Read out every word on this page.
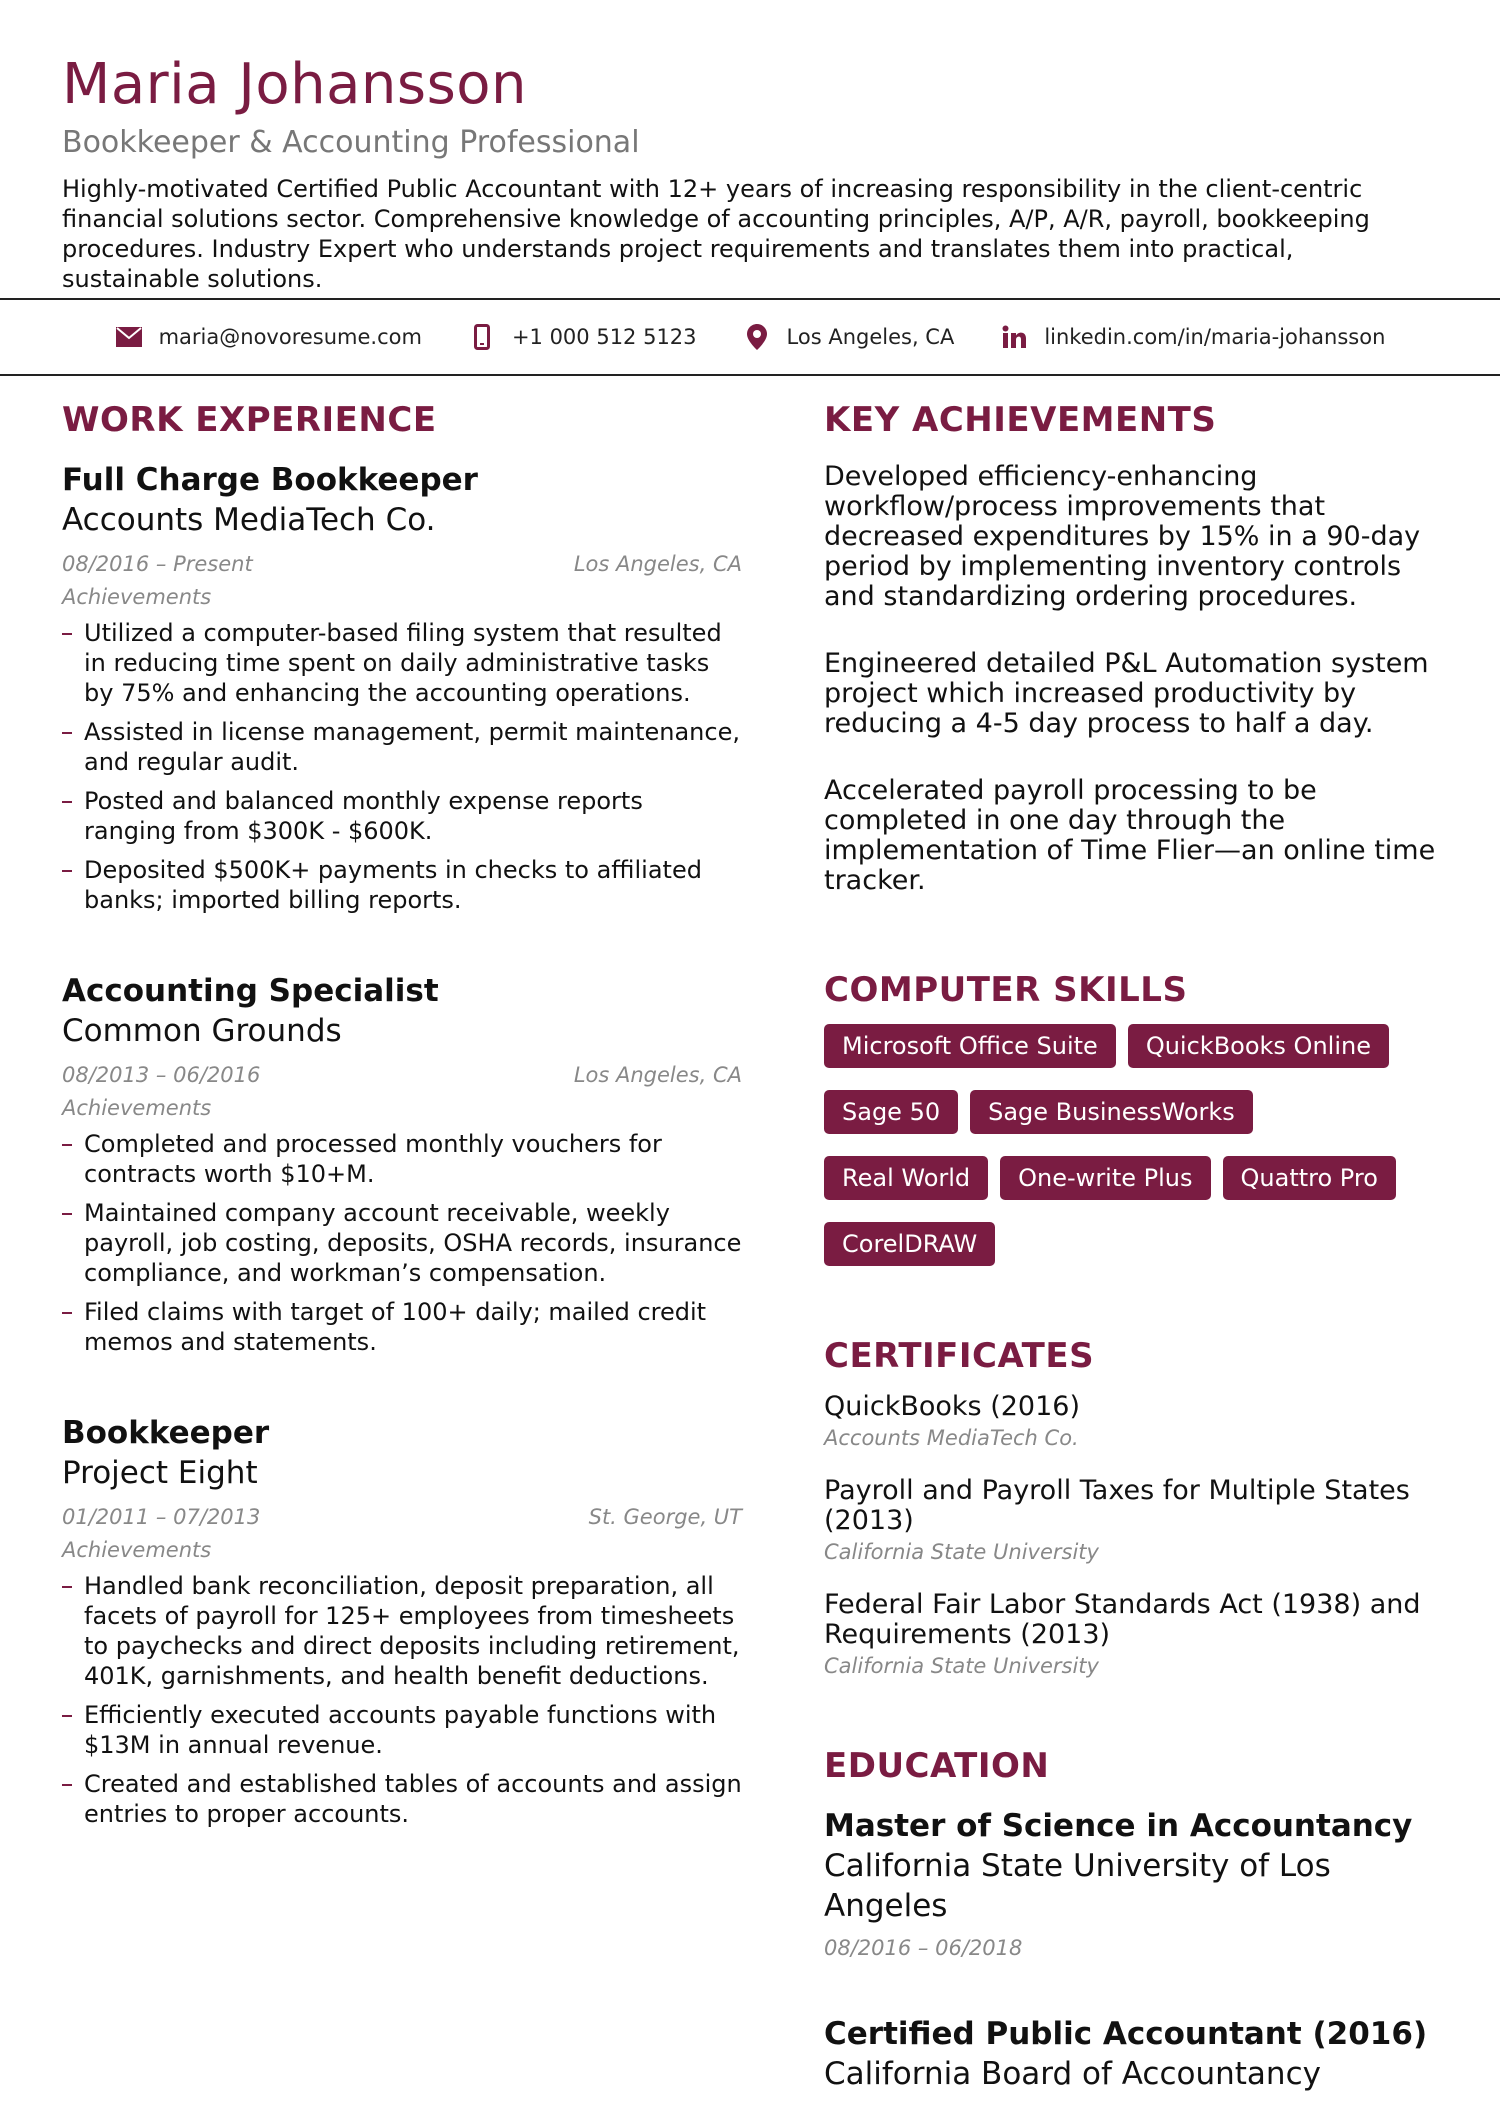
Maria Johansson
Bookkeeper & Accounting Professional

Highly-motivated Certified Public Accountant with 12+ years of increasing responsibility in the client-centric financial solutions sector. Comprehensive knowledge of accounting principles, A/P, A/R, payroll, bookkeeping procedures. Industry Expert who understands project requirements and translates them into practical, sustainable solutions.

maria@novoresume.com	+1 000 512 5123	Los Angeles, CA	linkedin.com/in/maria-johansson
WORK EXPERIENCE
Full Charge Bookkeeper
Accounts MediaTech Co.
08/2016 – Present	Los Angeles, CA
Achievements
Utilized a computer-based filing system that resulted in reducing time spent on daily administrative tasks by 75% and enhancing the accounting operations.
Assisted in license management, permit maintenance, and regular audit.
Posted and balanced monthly expense reports ranging from $300K - $600K.
Deposited $500K+ payments in checks to affiliated banks; imported billing reports.
Accounting Specialist
Common Grounds
08/2013 – 06/2016	Los Angeles, CA
Achievements
Completed and processed monthly vouchers for contracts worth $10+M.
Maintained company account receivable, weekly payroll, job costing, deposits, OSHA records, insurance compliance, and workman’s compensation.
Filed claims with target of 100+ daily; mailed credit memos and statements.
Bookkeeper
Project Eight
01/2011 – 07/2013	St. George, UT
Achievements
Handled bank reconciliation, deposit preparation, all facets of payroll for 125+ employees from timesheets to paychecks and direct deposits including retirement, 401K, garnishments, and health benefit deductions.
Efficiently executed accounts payable functions with $13M in annual revenue.
Created and established tables of accounts and assign entries to proper accounts.
KEY ACHIEVEMENTS

Developed efficiency-enhancing workflow/process improvements that decreased expenditures by 15% in a 90-day period by implementing inventory controls and standardizing ordering procedures.

Engineered detailed P&L Automation system project which increased productivity by reducing a 4-5 day process to half a day.

Accelerated payroll processing to be completed in one day through the implementation of Time Flier—an online time tracker.

COMPUTER SKILLS
Microsoft Office Suite	QuickBooks Online
Sage 50	Sage BusinessWorks
Real World	One-write Plus	Quattro Pro
CorelDRAW
CERTIFICATES
QuickBooks (2016)
Accounts MediaTech Co.
Payroll and Payroll Taxes for Multiple States (2013)
California State University
Federal Fair Labor Standards Act (1938) and Requirements (2013)
California State University
EDUCATION
Master of Science in Accountancy
California State University of Los Angeles
08/2016 – 06/2018
Certified Public Accountant (2016)
California Board of Accountancy
